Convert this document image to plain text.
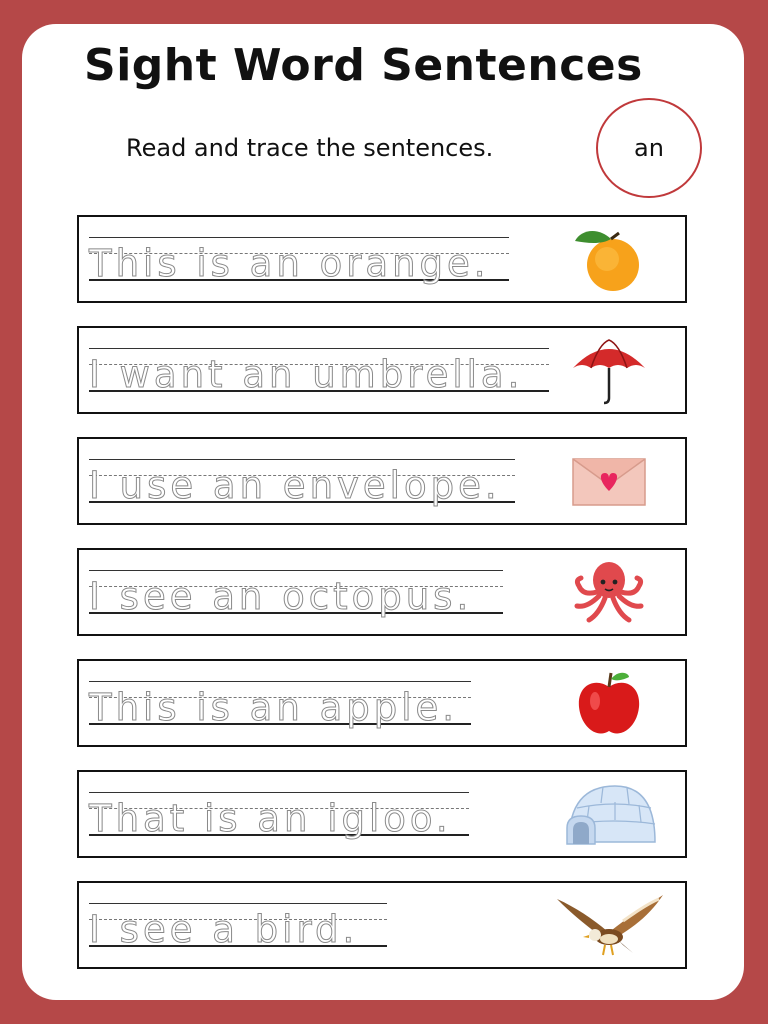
Sight Word Sentences
Read and trace the sentences.	an
This is an orange.
I want an umbrella.
I use an envelope.
I see an octopus.
This is an apple.
That is an igloo.
I see a bird.
